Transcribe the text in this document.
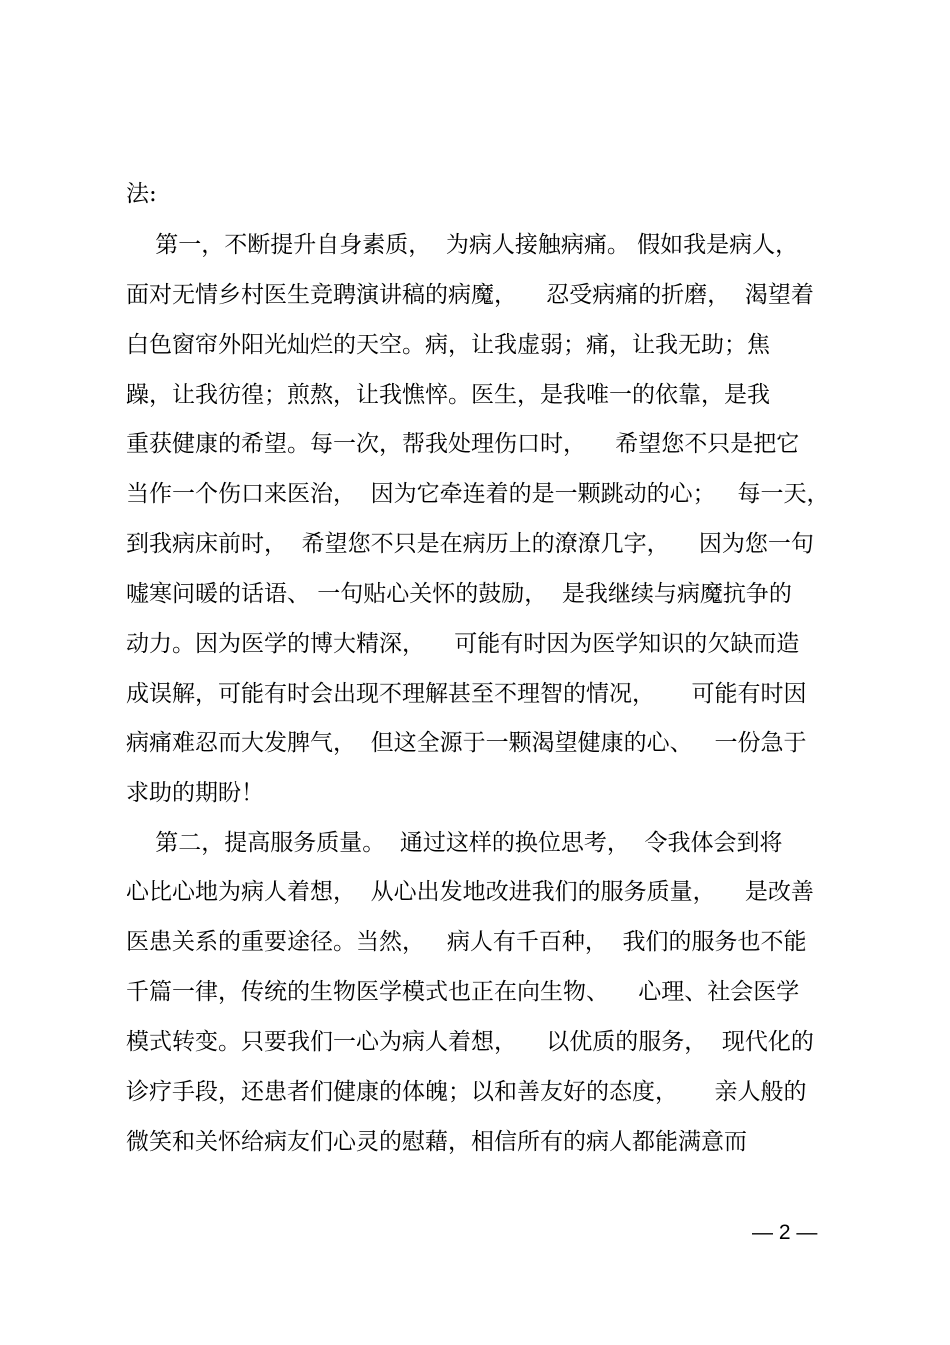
法:
第一，不断提升自身素质，  为病人接触病痛。 假如我是病人，
面对无情乡村医生竞聘演讲稿的病魔，    忍受病痛的折磨，  渴望着
白色窗帘外阳光灿烂的天空。病，让我虚弱；痛，让我无助；焦
躁，让我彷徨；煎熬，让我憔悴。医生，是我唯一的依靠，是我
重获健康的希望。每一次，帮我处理伤口时，    希望您不只是把它
当作一个伤口来医治，  因为它牵连着的是一颗跳动的心；   每一天，
到我病床前时，  希望您不只是在病历上的潦潦几字，    因为您一句
嘘寒问暖的话语、 一句贴心关怀的鼓励，  是我继续与病魔抗争的
动力。因为医学的博大精深，    可能有时因为医学知识的欠缺而造
成误解，可能有时会出现不理解甚至不理智的情况，     可能有时因
病痛难忍而大发脾气，  但这全源于一颗渴望健康的心、   一份急于
求助的期盼！
第二，提高服务质量。  通过这样的换位思考，  令我体会到将
心比心地为病人着想，  从心出发地改进我们的服务质量，    是改善
医患关系的重要途径。当然，   病人有千百种，  我们的服务也不能
千篇一律，传统的生物医学模式也正在向生物、    心理、社会医学
模式转变。只要我们一心为病人着想，    以优质的服务，  现代化的
诊疗手段，还患者们健康的体魄；以和善友好的态度，     亲人般的
微笑和关怀给病友们心灵的慰藉，相信所有的病人都能满意而
— 2 —
